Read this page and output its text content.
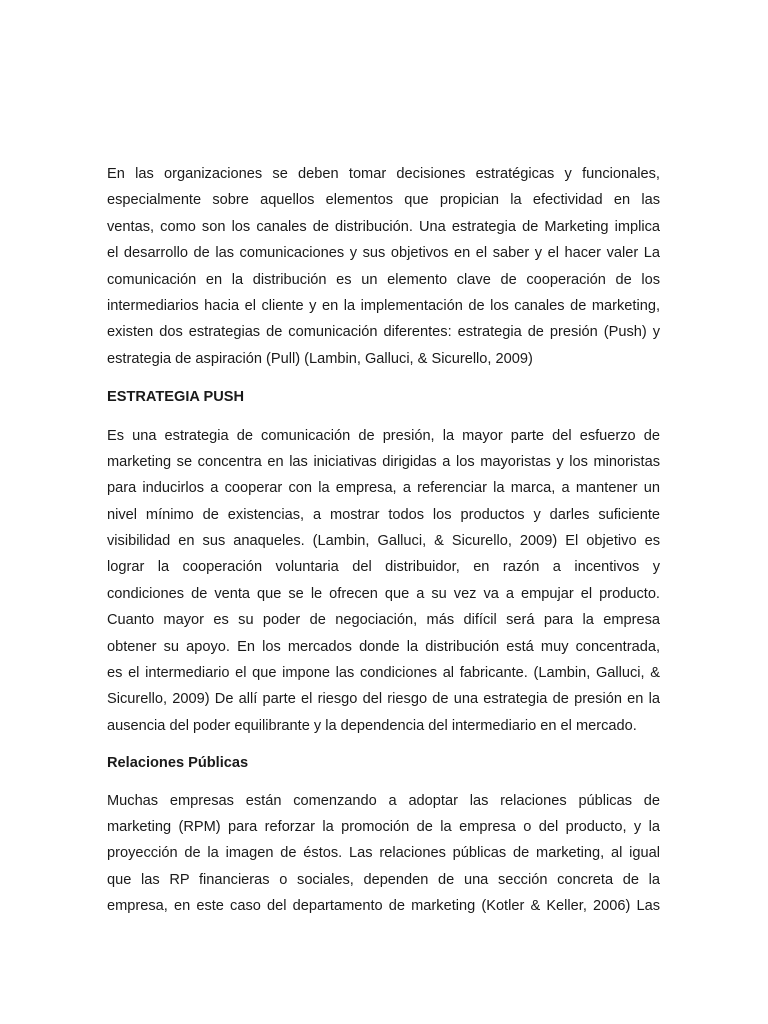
En las organizaciones se deben tomar decisiones estratégicas y funcionales,
especialmente sobre aquellos elementos que propician la efectividad en las
ventas, como son los canales de distribución. Una estrategia de Marketing implica
el desarrollo de las comunicaciones y sus objetivos en el saber y el hacer valer La
comunicación en la distribución es un elemento clave de cooperación de los
intermediarios hacia el cliente y en la implementación de los canales de marketing,
existen dos estrategias de comunicación diferentes: estrategia de presión (Push) y
estrategia de aspiración (Pull) (Lambin, Galluci, & Sicurello, 2009)

ESTRATEGIA PUSH

Es una estrategia de comunicación de presión, la mayor parte del esfuerzo de
marketing se concentra en las iniciativas dirigidas a los mayoristas y los minoristas
para inducirlos a cooperar con la empresa, a referenciar la marca, a mantener un
nivel mínimo de existencias, a mostrar todos los productos y darles suficiente
visibilidad en sus anaqueles. (Lambin, Galluci, & Sicurello, 2009) El objetivo es
lograr la cooperación voluntaria del distribuidor, en razón a incentivos y
condiciones de venta que se le ofrecen que a su vez va a empujar el producto.
Cuanto mayor es su poder de negociación, más difícil será para la empresa
obtener su apoyo. En los mercados donde la distribución está muy concentrada,
es el intermediario el que impone las condiciones al fabricante. (Lambin, Galluci, &
Sicurello, 2009) De allí parte el riesgo del riesgo de una estrategia de presión en la
ausencia del poder equilibrante y la dependencia del intermediario en el mercado.

Relaciones Públicas

Muchas empresas están comenzando a adoptar las relaciones públicas de
marketing (RPM) para reforzar la promoción de la empresa o del producto, y la
proyección de la imagen de éstos. Las relaciones públicas de marketing, al igual
que las RP financieras o sociales, dependen de una sección concreta de la
empresa, en este caso del departamento de marketing (Kotler & Keller, 2006) Las
